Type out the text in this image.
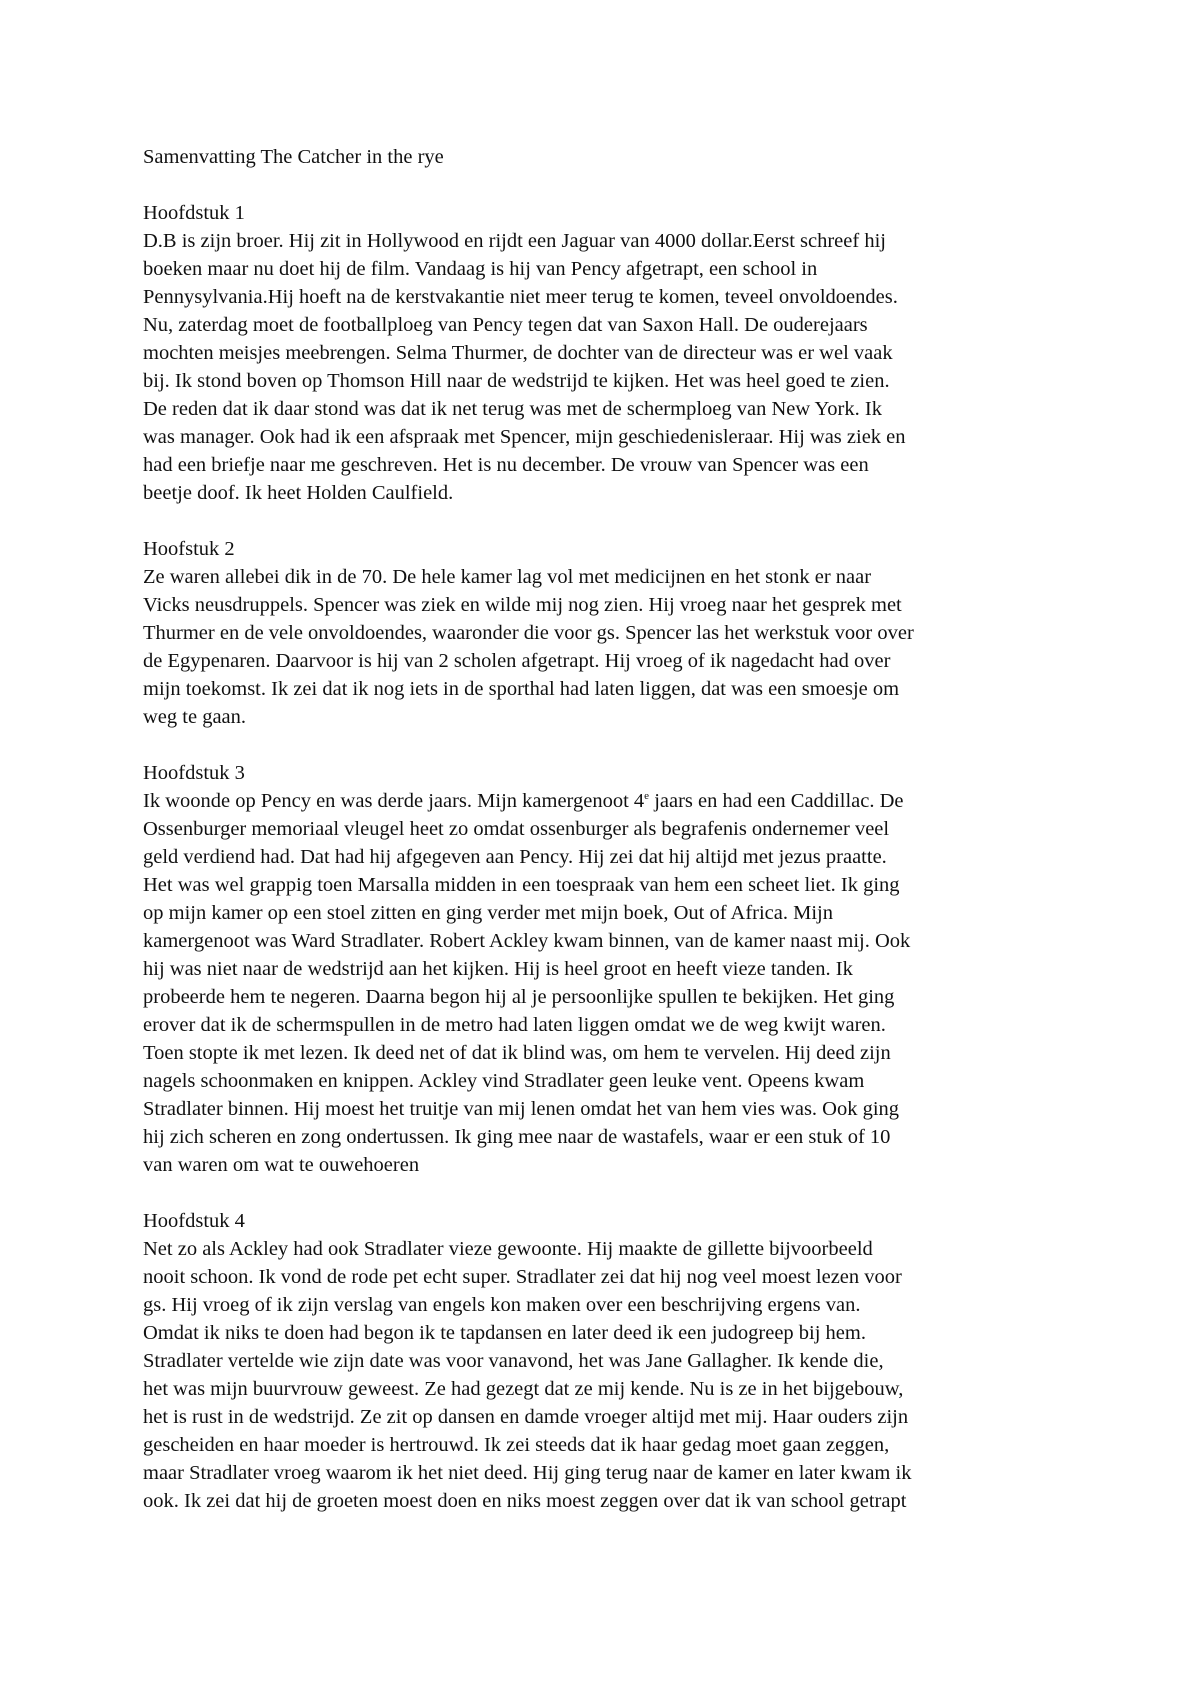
Samenvatting The Catcher in the rye
Hoofdstuk 1
D.B is zijn broer. Hij zit in Hollywood en rijdt een Jaguar van 4000 dollar.Eerst schreef hij
boeken maar nu doet hij de film. Vandaag is hij van Pency afgetrapt, een school in
Pennysylvania.Hij hoeft na de kerstvakantie niet meer terug te komen, teveel onvoldoendes.
Nu, zaterdag moet de footballploeg van Pency tegen dat van Saxon Hall. De ouderejaars
mochten meisjes meebrengen. Selma Thurmer, de dochter van de directeur was er wel vaak
bij. Ik stond boven op Thomson Hill naar de wedstrijd te kijken. Het was heel goed te zien.
De reden dat ik daar stond was dat ik net terug was met de schermploeg van New York. Ik
was manager. Ook had ik een afspraak met Spencer, mijn geschiedenisleraar. Hij was ziek en
had een briefje naar me geschreven. Het is nu december. De vrouw van Spencer was een
beetje doof. Ik heet Holden Caulfield.
Hoofstuk 2
Ze waren allebei dik in de 70. De hele kamer lag vol met medicijnen en het stonk er naar
Vicks neusdruppels. Spencer was ziek en wilde mij nog zien. Hij vroeg naar het gesprek met
Thurmer en de vele onvoldoendes, waaronder die voor gs. Spencer las het werkstuk voor over
de Egypenaren. Daarvoor is hij van 2 scholen afgetrapt. Hij vroeg of ik nagedacht had over
mijn toekomst. Ik zei dat ik nog iets in de sporthal had laten liggen, dat was een smoesje om
weg te gaan.
Hoofdstuk 3
Ik woonde op Pency en was derde jaars. Mijn kamergenoot 4e jaars en had een Caddillac. De
Ossenburger memoriaal vleugel heet zo omdat ossenburger als begrafenis ondernemer veel
geld verdiend had. Dat had hij afgegeven aan Pency. Hij zei dat hij altijd met jezus praatte.
Het was wel grappig toen Marsalla midden in een toespraak van hem een scheet liet. Ik ging
op mijn kamer op een stoel zitten en ging verder met mijn boek, Out of Africa. Mijn
kamergenoot was Ward Stradlater. Robert Ackley kwam binnen, van de kamer naast mij. Ook
hij was niet naar de wedstrijd aan het kijken. Hij is heel groot en heeft vieze tanden. Ik
probeerde hem te negeren. Daarna begon hij al je persoonlijke spullen te bekijken. Het ging
erover dat ik de schermspullen in de metro had laten liggen omdat we de weg kwijt waren.
Toen stopte ik met lezen. Ik deed net of dat ik blind was, om hem te vervelen. Hij deed zijn
nagels schoonmaken en knippen. Ackley vind Stradlater geen leuke vent. Opeens kwam
Stradlater binnen. Hij moest het truitje van mij lenen omdat het van hem vies was. Ook ging
hij zich scheren en zong ondertussen. Ik ging mee naar de wastafels, waar er een stuk of 10
van waren om wat te ouwehoeren
Hoofdstuk 4
Net zo als Ackley had ook Stradlater vieze gewoonte. Hij maakte de gillette bijvoorbeeld
nooit schoon. Ik vond de rode pet echt super. Stradlater zei dat hij nog veel moest lezen voor
gs. Hij vroeg of ik zijn verslag van engels kon maken over een beschrijving ergens van.
Omdat ik niks te doen had begon ik te tapdansen en later deed ik een judogreep bij hem.
Stradlater vertelde wie zijn date was voor vanavond, het was Jane Gallagher. Ik kende die,
het was mijn buurvrouw geweest. Ze had gezegt dat ze mij kende. Nu is ze in het bijgebouw,
het is rust in de wedstrijd. Ze zit op dansen en damde vroeger altijd met mij. Haar ouders zijn
gescheiden en haar moeder is hertrouwd. Ik zei steeds dat ik haar gedag moet gaan zeggen,
maar Stradlater vroeg waarom ik het niet deed. Hij ging terug naar de kamer en later kwam ik
ook. Ik zei dat hij de groeten moest doen en niks moest zeggen over dat ik van school getrapt
